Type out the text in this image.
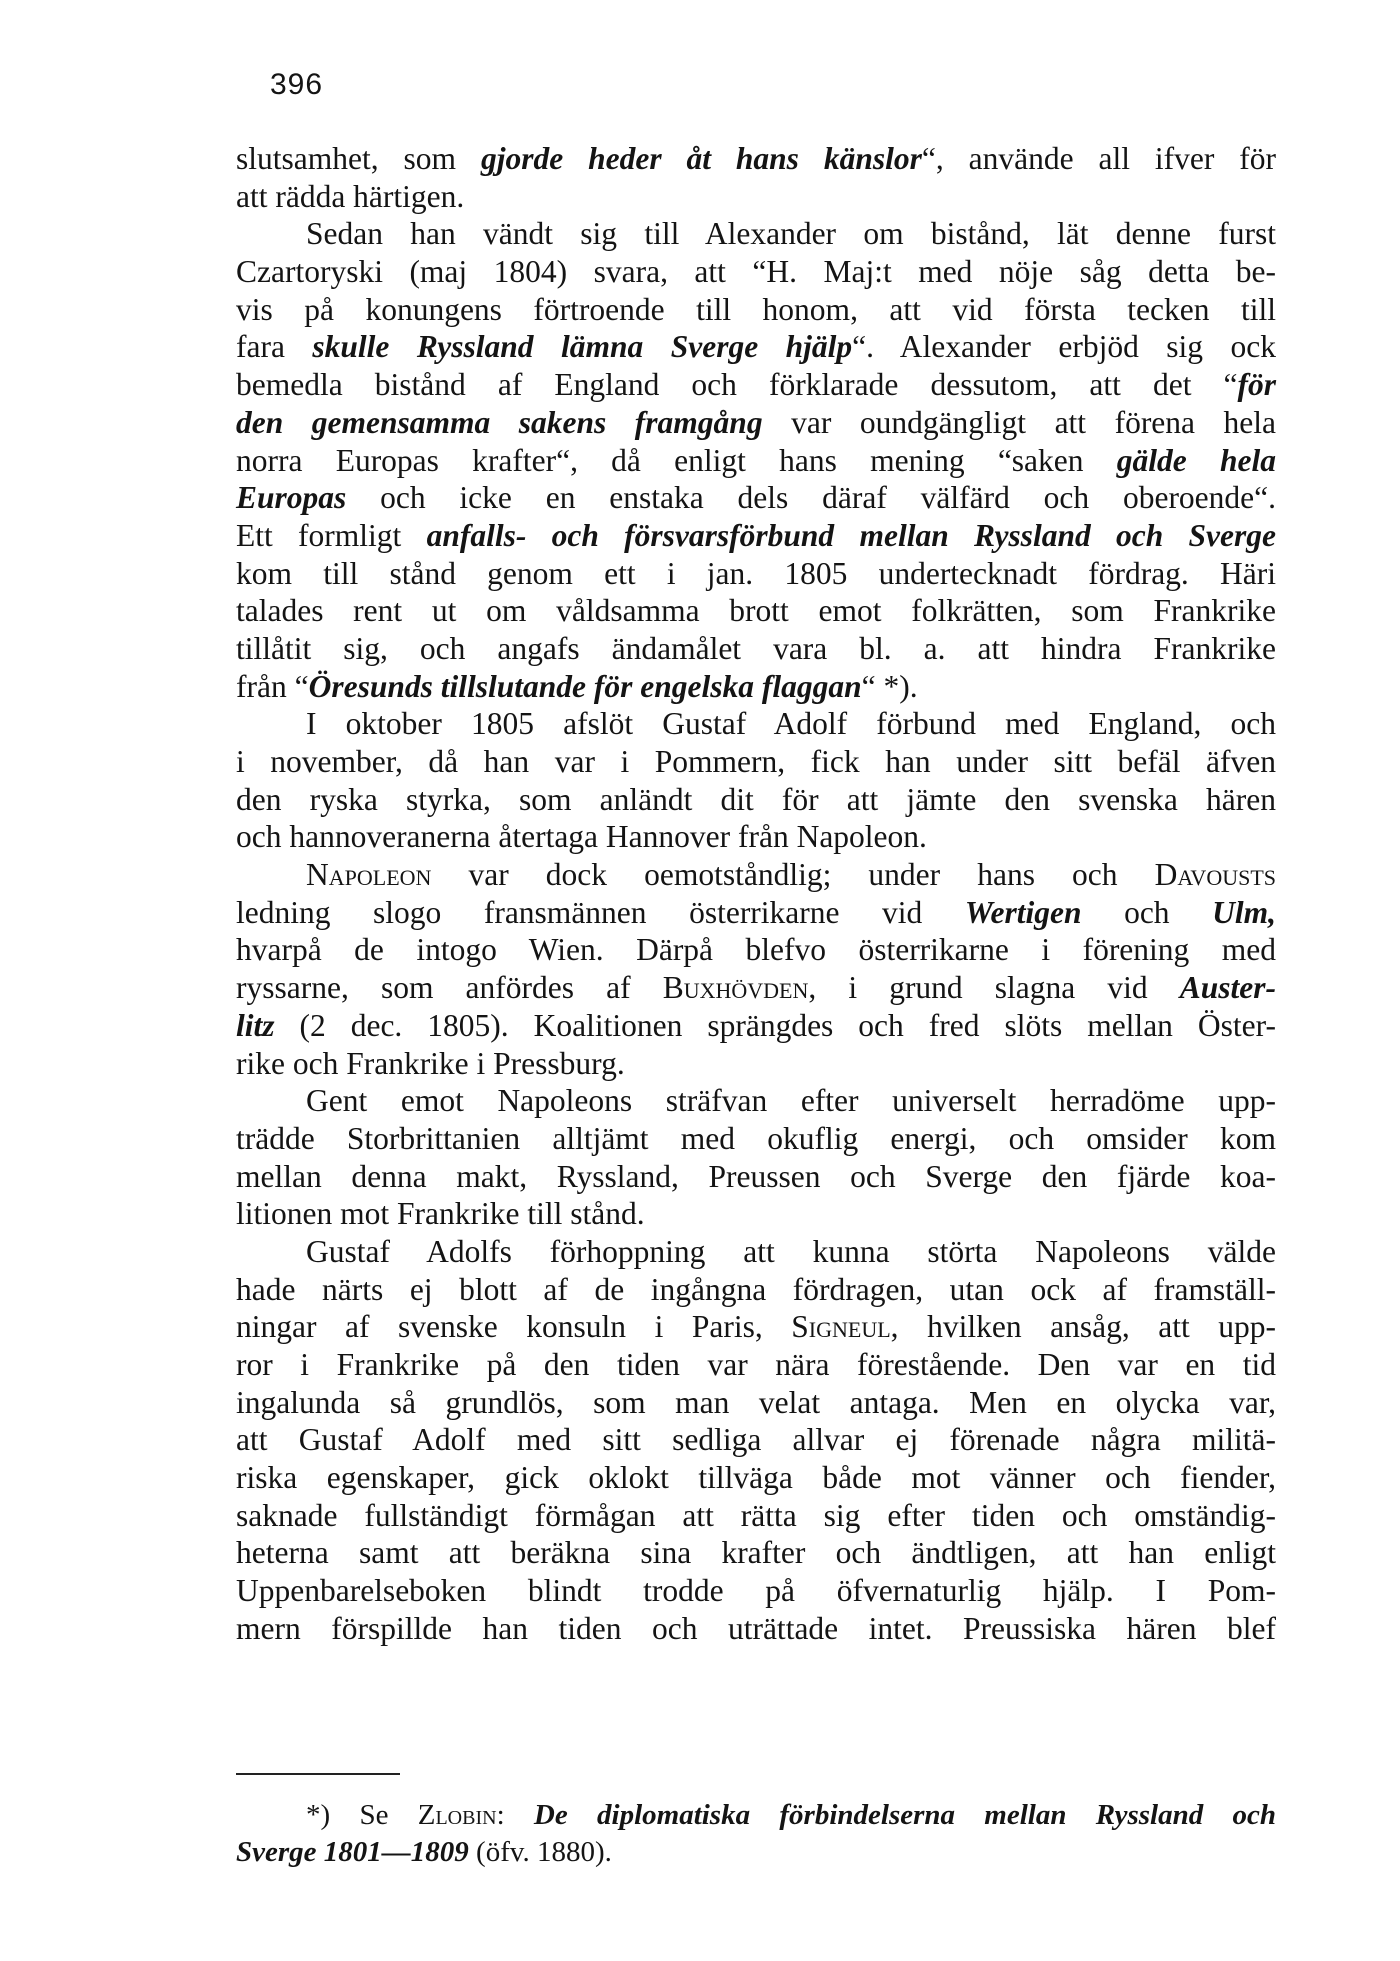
396
slutsamhet, som gjorde heder åt hans känslor“, använde all ifver för
att rädda härtigen.
Sedan han vändt sig till Alexander om bistånd, lät denne furst
Czartoryski (maj 1804) svara, att “H. Maj:t med nöje såg detta be-
vis på konungens förtroende till honom, att vid första tecken till
fara skulle Ryssland lämna Sverge hjälp“. Alexander erbjöd sig ock
bemedla bistånd af England och förklarade dessutom, att det “för
den gemensamma sakens framgång var oundgängligt att förena hela
norra Europas krafter“, då enligt hans mening “saken gälde hela
Europas och icke en enstaka dels däraf välfärd och oberoende“.
Ett formligt anfalls- och försvarsförbund mellan Ryssland och Sverge
kom till stånd genom ett i jan. 1805 undertecknadt fördrag. Häri
talades rent ut om våldsamma brott emot folkrätten, som Frankrike
tillåtit sig, och angafs ändamålet vara bl. a. att hindra Frankrike
från “Öresunds tillslutande för engelska flaggan“ *).
I oktober 1805 afslöt Gustaf Adolf förbund med England, och
i november, då han var i Pommern, fick han under sitt befäl äfven
den ryska styrka, som anländt dit för att jämte den svenska hären
och hannoveranerna återtaga Hannover från Napoleon.
Napoleon var dock oemotståndlig; under hans och Davousts
ledning slogo fransmännen österrikarne vid Wertigen och Ulm,
hvarpå de intogo Wien. Därpå blefvo österrikarne i förening med
ryssarne, som anfördes af Buxhövden, i grund slagna vid Auster-
litz (2 dec. 1805). Koalitionen sprängdes och fred slöts mellan Öster-
rike och Frankrike i Pressburg.
Gent emot Napoleons sträfvan efter universelt herradöme upp-
trädde Storbrittanien alltjämt med okuflig energi, och omsider kom
mellan denna makt, Ryssland, Preussen och Sverge den fjärde koa-
litionen mot Frankrike till stånd.
Gustaf Adolfs förhoppning att kunna störta Napoleons välde
hade närts ej blott af de ingångna fördragen, utan ock af framställ-
ningar af svenske konsuln i Paris, Signeul, hvilken ansåg, att upp-
ror i Frankrike på den tiden var nära förestående. Den var en tid
ingalunda så grundlös, som man velat antaga. Men en olycka var,
att Gustaf Adolf med sitt sedliga allvar ej förenade några militä-
riska egenskaper, gick oklokt tillväga både mot vänner och fiender,
saknade fullständigt förmågan att rätta sig efter tiden och omständig-
heterna samt att beräkna sina krafter och ändtligen, att han enligt
Uppenbarelseboken blindt trodde på öfvernaturlig hjälp. I Pom-
mern förspillde han tiden och uträttade intet. Preussiska hären blef
*) Se Zlobin: De diplomatiska förbindelserna mellan Ryssland och
Sverge 1801—1809 (öfv. 1880).
